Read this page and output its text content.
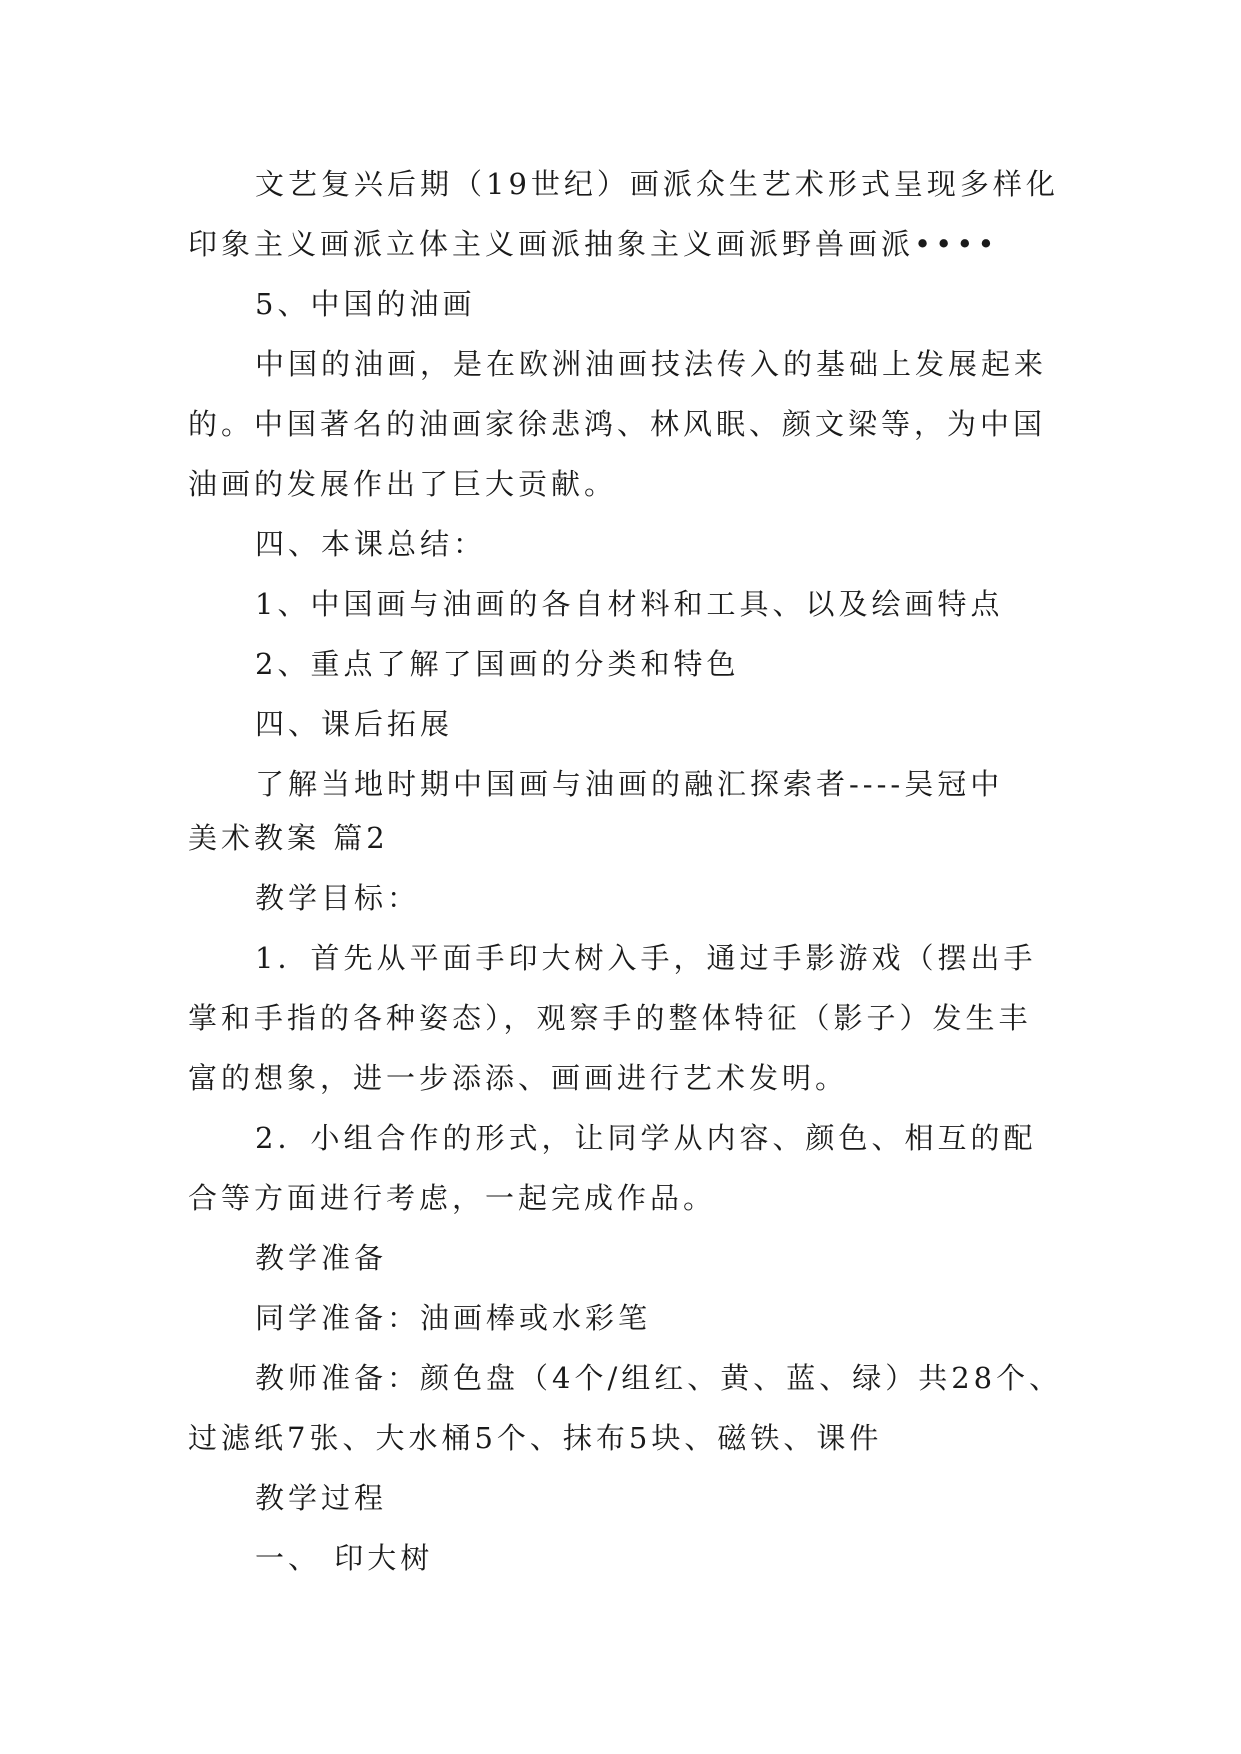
文艺复兴后期（19世纪）画派众生艺术形式呈现多样化
印象主义画派立体主义画派抽象主义画派野兽画派••••
5、中国的油画
中国的油画，是在欧洲油画技法传入的基础上发展起来
的。中国著名的油画家徐悲鸿、林风眠、颜文梁等，为中国
油画的发展作出了巨大贡献。
四、本课总结：
1、中国画与油画的各自材料和工具、以及绘画特点
2、重点了解了国画的分类和特色
四、课后拓展
了解当地时期中国画与油画的融汇探索者----吴冠中
美术教案 篇2
教学目标：
1．首先从平面手印大树入手，通过手影游戏（摆出手
掌和手指的各种姿态），观察手的整体特征（影子）发生丰
富的想象，进一步添添、画画进行艺术发明。
2．小组合作的形式，让同学从内容、颜色、相互的配
合等方面进行考虑，一起完成作品。
教学准备
同学准备：油画棒或水彩笔
教师准备：颜色盘（4个/组红、黄、蓝、绿）共28个、
过滤纸7张、大水桶5个、抹布5块、磁铁、课件
教学过程
一、 印大树
